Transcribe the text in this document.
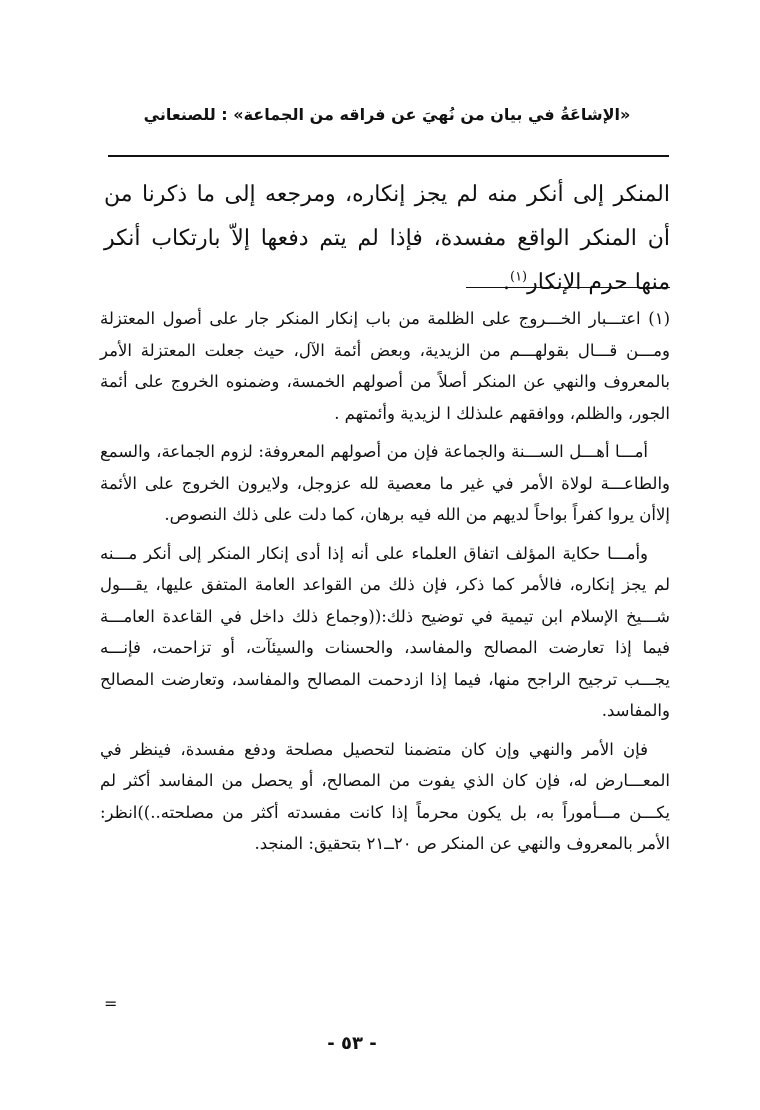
«الإشاعَةُ في بيان من نُهيَ عن فراقه من الجماعة» : للصنعاني

المنكر إلى أنكر منه لم يجز إنكاره، ومرجعه إلى ما ذكرنا من أن المنكر الواقع مفسدة، فإذا لم يتم دفعها إلاّ بارتكاب أنكر منها حرم الإنكار$^{(١)}$.

(١) اعتـــبار الخـــروج على الظلمة من باب إنكار المنكر جار على أصول المعتزلة ومـــن قـــال بقولهـــم من الزيدية، وبعض أئمة الآل، حيث جعلت المعتزلة الأمر بالمعروف والنهي عن المنكر أصلاً من أصولهم الخمسة، وضمنوه الخروج على أئمة الجور، والظلم، ووافقهم علىذلك ا لزيدية وأئمتهم .

أمـــا أهـــل الســـنة والجماعة فإن من أصولهم المعروفة: لزوم الجماعة، والسمع والطاعـــة لولاة الأمر في غير ما معصية لله عزوجل، ولايرون الخروج على الأئمة إلاأن يروا كفراً بواحاً لديهم من الله فيه برهان، كما دلت على ذلك النصوص.

وأمـــا حكاية المؤلف اتفاق العلماء على أنه إذا أدى إنكار المنكر إلى أنكر مـــنه لم يجز إنكاره، فالأمر كما ذكر، فإن ذلك من القواعد العامة المتفق عليها، يقـــول شـــيخ الإسلام ابن تيمية في توضيح ذلك:((وجماع ذلك داخل في القاعدة العامـــة فيما إذا تعارضت المصالح والمفاسد، والحسنات والسيئآت، أو تزاحمت، فإنـــه يجـــب ترجيح الراجح منها، فيما إذا ازدحمت المصالح والمفاسد، وتعارضت المصالح والمفاسد.

فإن الأمر والنهي وإن كان متضمنا لتحصيل مصلحة ودفع مفسدة، فينظر في المعـــارض له، فإن كان الذي يفوت من المصالح، أو يحصل من المفاسد أكثر لم يكـــن مـــأموراً به، بل يكون محرماً إذا كانت مفسدته أكثر من مصلحته..))انظر: الأمر بالمعروف والنهي عن المنكر ص ٢٠ــ٢١ بتحقيق: المنجد.

=
- ٥٣ -
